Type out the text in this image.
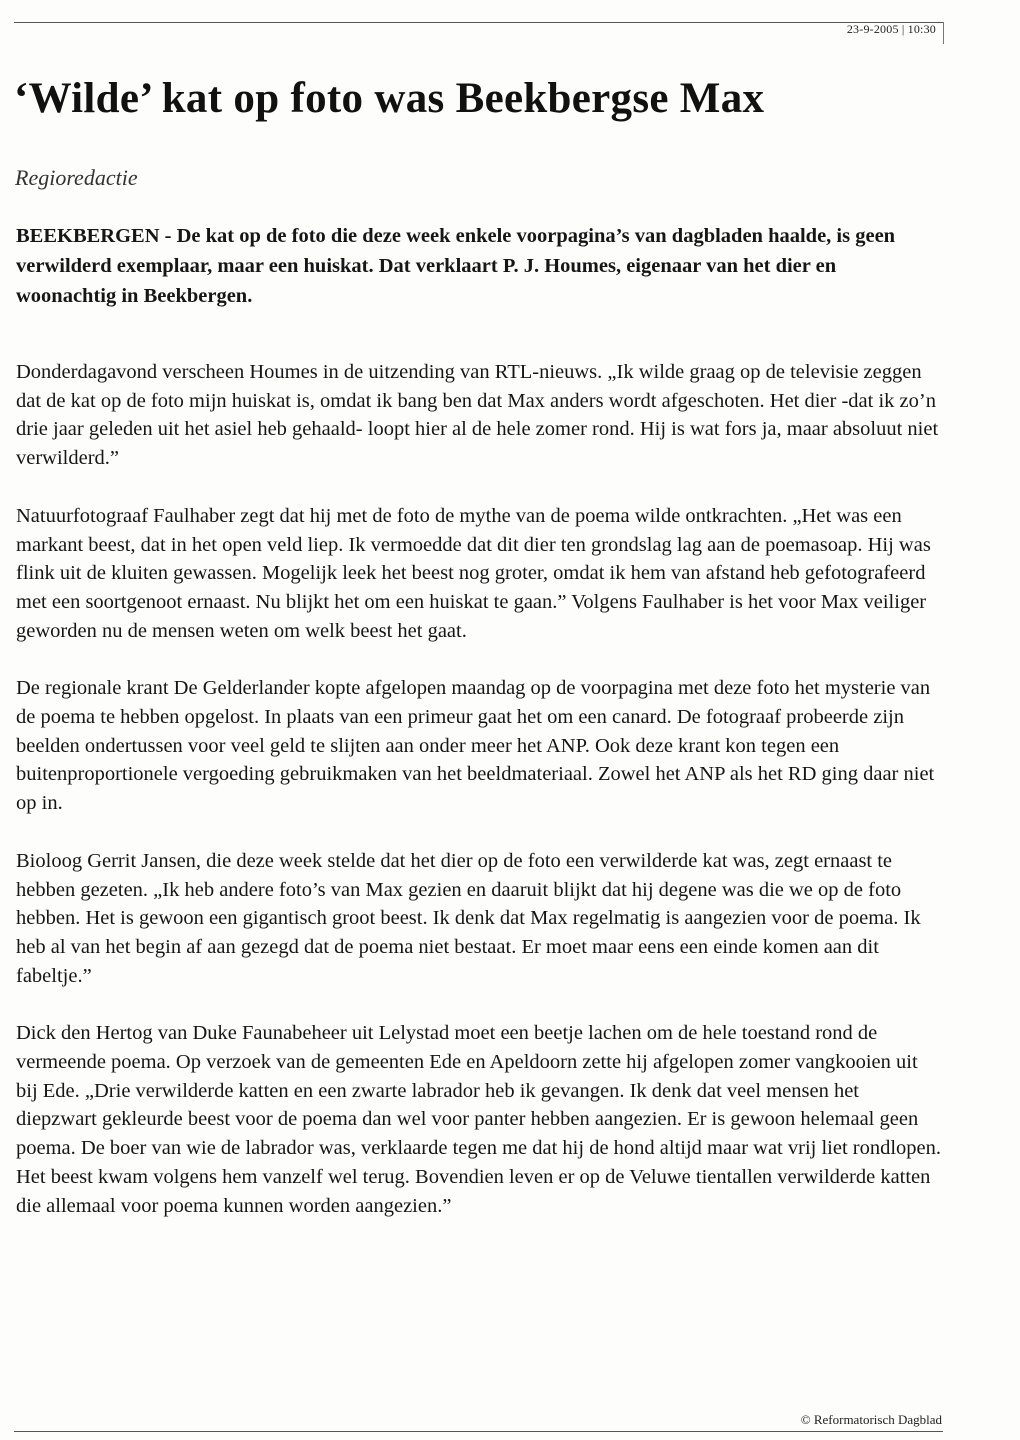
23-9-2005 | 10:30
‘Wilde’ kat op foto was Beekbergse Max
Regioredactie

BEEKBERGEN - De kat op de foto die deze week enkele voorpagina’s van dagbladen haalde, is geen verwilderd exemplaar, maar een huiskat. Dat verklaart P. J. Houmes, eigenaar van het dier en woonachtig in Beekbergen.

Donderdagavond verscheen Houmes in de uitzending van RTL-nieuws. „Ik wilde graag op de televisie zeggen dat de kat op de foto mijn huiskat is, omdat ik bang ben dat Max anders wordt afgeschoten. Het dier -dat ik zo’n drie jaar geleden uit het asiel heb gehaald- loopt hier al de hele zomer rond. Hij is wat fors ja, maar absoluut niet verwilderd.”

Natuurfotograaf Faulhaber zegt dat hij met de foto de mythe van de poema wilde ontkrachten. „Het was een markant beest, dat in het open veld liep. Ik vermoedde dat dit dier ten grondslag lag aan de poemasoap. Hij was flink uit de kluiten gewassen. Mogelijk leek het beest nog groter, omdat ik hem van afstand heb gefotografeerd met een soortgenoot ernaast. Nu blijkt het om een huiskat te gaan.” Volgens Faulhaber is het voor Max veiliger geworden nu de mensen weten om welk beest het gaat.

De regionale krant De Gelderlander kopte afgelopen maandag op de voorpagina met deze foto het mysterie van de poema te hebben opgelost. In plaats van een primeur gaat het om een canard. De fotograaf probeerde zijn beelden ondertussen voor veel geld te slijten aan onder meer het ANP. Ook deze krant kon tegen een buitenproportionele vergoeding gebruikmaken van het beeldmateriaal. Zowel het ANP als het RD ging daar niet op in.

Bioloog Gerrit Jansen, die deze week stelde dat het dier op de foto een verwilderde kat was, zegt ernaast te hebben gezeten. „Ik heb andere foto’s van Max gezien en daaruit blijkt dat hij degene was die we op de foto hebben. Het is gewoon een gigantisch groot beest. Ik denk dat Max regelmatig is aangezien voor de poema. Ik heb al van het begin af aan gezegd dat de poema niet bestaat. Er moet maar eens een einde komen aan dit fabeltje.”

Dick den Hertog van Duke Faunabeheer uit Lelystad moet een beetje lachen om de hele toestand rond de vermeende poema. Op verzoek van de gemeenten Ede en Apeldoorn zette hij afgelopen zomer vangkooien uit bij Ede. „Drie verwilderde katten en een zwarte labrador heb ik gevangen. Ik denk dat veel mensen het diepzwart gekleurde beest voor de poema dan wel voor panter hebben aangezien. Er is gewoon helemaal geen poema. De boer van wie de labrador was, verklaarde tegen me dat hij de hond altijd maar wat vrij liet rondlopen. Het beest kwam volgens hem vanzelf wel terug. Bovendien leven er op de Veluwe tientallen verwilderde katten die allemaal voor poema kunnen worden aangezien.”

© Reformatorisch Dagblad
